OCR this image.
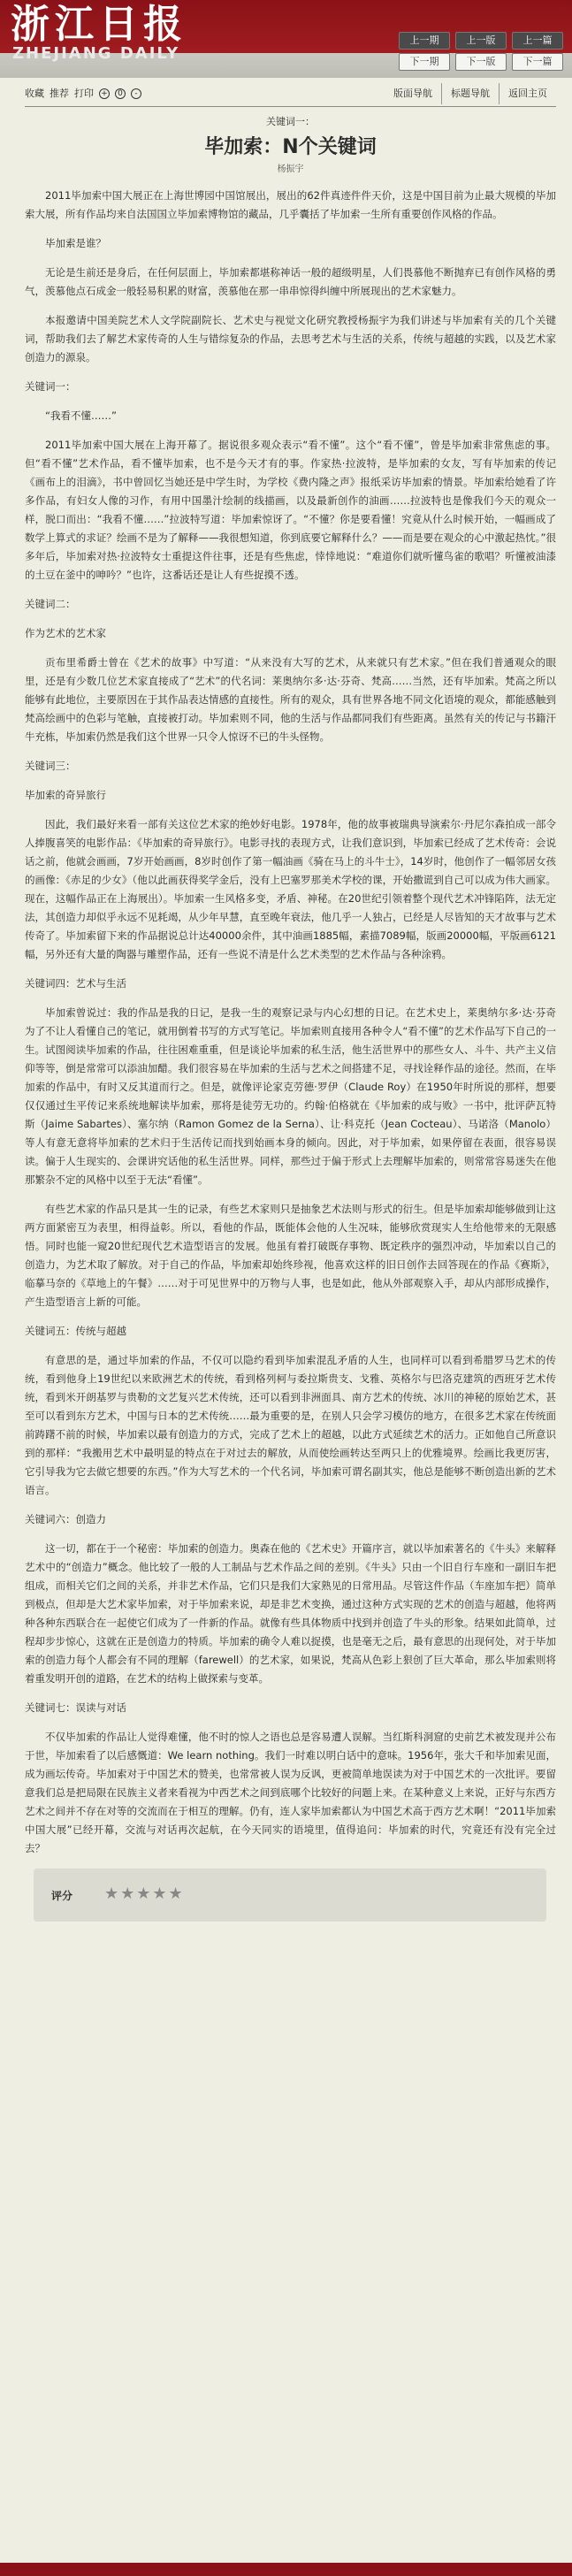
浙江日报
ZHEJIANG DAILY
上一期	上一版	上一篇
下一期	下一版	下一篇
收藏 推荐 打印 +	0	-	版面导航	标题导航	返回主页
关键词一：
毕加索：N个关键词
杨振宇

2011毕加索中国大展正在上海世博园中国馆展出，展出的62件真迹件件天价，这是中国目前为止最大规模的毕加索大展，所有作品均来自法国国立毕加索博物馆的藏品，几乎囊括了毕加索一生所有重要创作风格的作品。

毕加索是谁？

无论是生前还是身后，在任何层面上，毕加索都堪称神话一般的超级明星，人们畏慕他不断抛弃已有创作风格的勇气，羡慕他点石成金一般轻易积累的财富，羡慕他在那一串串惊得纠缠中所展现出的艺术家魅力。

本报邀请中国美院艺术人文学院副院长、艺术史与视觉文化研究教授杨振宇为我们讲述与毕加索有关的几个关键词，帮助我们去了解艺术家传奇的人生与错综复杂的作品，去思考艺术与生活的关系，传统与超越的实践，以及艺术家创造力的源泉。

关键词一：

“我看不懂……”

2011毕加索中国大展在上海开幕了。据说很多观众表示“看不懂”。这个“看不懂”，曾是毕加索非常焦虑的事。但“看不懂”艺术作品，看不懂毕加索，也不是今天才有的事。作家热·拉波特，是毕加索的女友，写有毕加索的传记《画布上的泪滴》，书中曾回忆当她还是中学生时，为学校《费内隆之声》报纸采访毕加索的情景。毕加索给她看了许多作品，有妇女人像的习作，有用中国墨汁绘制的线描画，以及最新创作的油画……拉波特也是像我们今天的观众一样，脱口而出：“我看不懂……”拉波特写道：毕加索惊讶了。“不懂？你是要看懂！究竟从什么时候开始，一幅画成了数学上算式的求证？绘画不是为了解释——我很想知道，你到底要它解释什么？——而是要在观众的心中激起热忱。”很多年后，毕加索对热·拉波特女士重提这件往事，还是有些焦虑，悻悻地说：“难道你们就听懂鸟雀的歌唱？听懂被油漆的土豆在釜中的呻吟？”也许，这番话还是让人有些捉摸不透。

关键词二：

作为艺术的艺术家

贡布里希爵士曾在《艺术的故事》中写道：“从来没有大写的艺术，从来就只有艺术家。”但在我们普通观众的眼里，还是有少数几位艺术家直接成了“艺术”的代名词：莱奥纳尔多·达·芬奇、梵高……当然，还有毕加索。梵高之所以能够有此地位，主要原因在于其作品表达情感的直接性。所有的观众，具有世界各地不同文化语境的观众，都能感触到梵高绘画中的色彩与笔触，直接被打动。毕加索则不同，他的生活与作品都同我们有些距离。虽然有关的传记与书籍汗牛充栋，毕加索仍然是我们这个世界一只令人惊讶不已的牛头怪物。

关键词三：

毕加索的奇异旅行

因此，我们最好来看一部有关这位艺术家的绝妙好电影。1978年，他的故事被瑞典导演索尔·丹尼尔森拍成一部令人捧腹喜笑的电影作品：《毕加索的奇异旅行》。电影寻找的表现方式，让我们意识到，毕加索已经成了艺术传奇：会说话之前，他就会画画，7岁开始画画，8岁时创作了第一幅油画《骑在马上的斗牛士》，14岁时，他创作了一幅邻居女孩的画像：《赤足的少女》（他以此画获得奖学金后，没有上巴塞罗那美术学校的课，开始撒谎到自己可以成为伟大画家。现在，这幅作品正在上海展出）。毕加索一生风格多变，矛盾、神秘。在20世纪引领着整个现代艺术冲锋陷阵，法无定法，其创造力却似乎永远不见耗竭，从少年早慧，直至晚年衰法，他几乎一人独占，已经是人尽皆知的天才故事与艺术传奇了。毕加索留下来的作品据说总计达40000余件，其中油画1885幅，素描7089幅，版画20000幅，平版画6121幅，另外还有大量的陶器与雕塑作品，还有一些说不清是什么艺术类型的艺术作品与各种涂鸦。

关键词四：艺术与生活

毕加索曾说过：我的作品是我的日记，是我一生的观察记录与内心幻想的日记。在艺术史上，莱奥纳尔多·达·芬奇为了不让人看懂自己的笔记，就用倒着书写的方式写笔记。毕加索则直接用各种令人“看不懂”的艺术作品写下自己的一生。试图阅读毕加索的作品，往往困难重重，但是谈论毕加索的私生活，他生活世界中的那些女人、斗牛、共产主义信仰等等，倒是常常可以添油加醋。我们很容易在毕加索的生活与艺术之间搭建不足，寻找诠释作品的途径。然而，在毕加索的作品中，有时又反其道而行之。但是，就像评论家克劳德·罗伊（Claude Roy）在1950年时所说的那样，想要仅仅通过生平传记来系统地解读毕加索，那将是徒劳无功的。约翰·伯格就在《毕加索的成与败》一书中，批评萨瓦特斯（Jaime Sabartes）、塞尔纳（Ramon Gomez de la Serna）、让·科克托（Jean Cocteau）、马诺洛（Manolo）等人有意无意将毕加索的艺术归于生活传记而找到始画本身的倾向。因此，对于毕加索，如果停留在表面，很容易误读。偏于人生现实的、会课讲究话他的私生活世界。同样，那些过于偏于形式上去理解毕加索的，则常常容易迷失在他那繁杂不定的风格中以至于无法“看懂”。

有些艺术家的作品只是其一生的记录，有些艺术家则只是抽象艺术法则与形式的衍生。但是毕加索却能够做到让这两方面紧密互为表里，相得益彰。所以，看他的作品，既能体会他的人生况味，能够欣赏现实人生给他带来的无限感悟。同时也能一窥20世纪现代艺术造型语言的发展。他虽有着打破既存事物、既定秩序的强烈冲动，毕加索以自己的创造力，为艺术取了解放。对于自己的作品，毕加索却始终珍视，他喜欢这样的旧日创作去回答现在的作品《赛斯》，临摹马奈的《草地上的午餐》……对于可见世界中的万物与人事，也是如此，他从外部观察入手，却从内部形成操作，产生造型语言上新的可能。

关键词五：传统与超越

有意思的是，通过毕加索的作品，不仅可以隐约看到毕加索混乱矛盾的人生，也同样可以看到希腊罗马艺术的传统，看到他身上19世纪以来欧洲艺术的传统，看到格列柯与委拉斯贵支、戈雅、英格尔与巴洛克建筑的西班牙艺术传统，看到米开朗基罗与贵勒的文艺复兴艺术传统，还可以看到非洲面具、南方艺术的传统、冰川的神秘的原始艺术，甚至可以看到东方艺术，中国与日本的艺术传统……最为重要的是，在别人只会学习模仿的地方，在很多艺术家在传统面前踌躇不前的时候，毕加索以最有创造力的方式，完成了艺术上的超越，以此方式延续艺术的活力。正如他自己所意识到的那样：“我搬用艺术中最明显的特点在于对过去的解放，从而使绘画转达至两只上的优雅境界。绘画比我更厉害，它引导我为它去做它想要的东西。”作为大写艺术的一个代名词，毕加索可谓名副其实，他总是能够不断创造出新的艺术语言。

关键词六：创造力

这一切，都在于一个秘密：毕加索的创造力。奥森在他的《艺术史》开篇序言，就以毕加索著名的《牛头》来解释艺术中的“创造力”概念。他比较了一般的人工制品与艺术作品之间的差别。《牛头》只由一个旧自行车座和一副旧车把组成，而相关它们之间的关系，并非艺术作品，它们只是我们大家熟见的日常用品。尽管这件作品（车座加车把）简单到极点，但却是大艺术家毕加索，对于毕加索来说，却是非艺术变换，通过这种方式实现的艺术的创造与超越，他将两种各种东西联合在一起使它们成为了一件新的作品。就像有些具体物质中找到并创造了牛头的形象。结果如此简单，过程却步步惊心，这就在正是创造力的特质。毕加索的确令人难以捉摸，也是毫无之后，最有意思的出现何处，对于毕加索的创造力每个人都会有不同的理解（farewell）的艺术家，如果说，梵高从色彩上狠创了巨大革命，那么毕加索则将着重发明开创的道路，在艺术的结构上做探索与变革。

关键词七：误读与对话

不仅毕加索的作品让人觉得难懂，他不时的惊人之语也总是容易遭人误解。当红斯科洞窟的史前艺术被发现并公布于世，毕加索看了以后感慨道：We learn nothing。我们一时难以明白话中的意味。1956年，张大千和毕加索见面，成为画坛传奇。毕加索对于中国艺术的赞美，也常常被人误为反讽，更被简单地误读为对于中国艺术的一次批评。要留意我们总是把局限在民族主义者来看视为中西艺术之间到底哪个比较好的问题上来。在某种意义上来说，正好与东西方艺术之间并不存在对等的交流而在于相互的理解。仍有，连人家毕加索都认为中国艺术高于西方艺术啊！“2011毕加索中国大展”已经开幕，交流与对话再次起航，在今天同实的语境里，值得追问：毕加索的时代，究竟还有没有完全过去？

评分 ★★★★★
